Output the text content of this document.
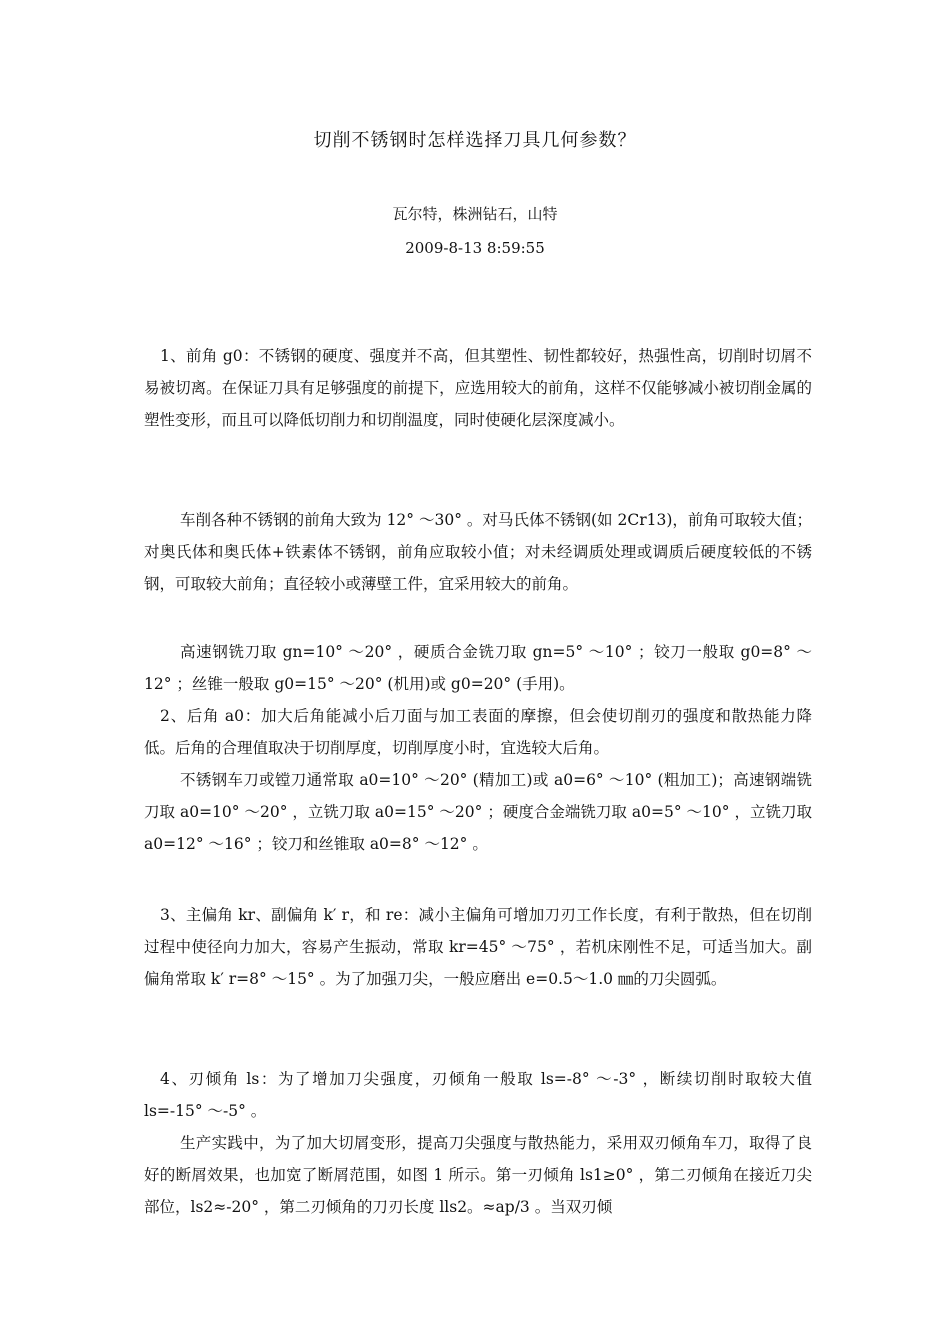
切削不锈钢时怎样选择刀具几何参数？
瓦尔特，株洲钻石，山特
2009-8-13 8:59:55

1、前角 g0：不锈钢的硬度、强度并不高，但其塑性、韧性都较好，热强性高，切削时切屑不易被切离。在保证刀具有足够强度的前提下，应选用较大的前角，这样不仅能够减小被切削金属的塑性变形，而且可以降低切削力和切削温度，同时使硬化层深度减小。

车削各种不锈钢的前角大致为 12° ～30° 。对马氏体不锈钢(如 2Cr13)，前角可取较大值；对奥氏体和奥氏体+铁素体不锈钢，前角应取较小值；对未经调质处理或调质后硬度较低的不锈钢，可取较大前角；直径较小或薄壁工件，宜采用较大的前角。

高速钢铣刀取 gn=10° ～20° ，硬质合金铣刀取 gn=5° ～10° ；铰刀一般取 g0=8° ～12° ；丝锥一般取 g0=15° ～20° (机用)或 g0=20° (手用)。

2、后角 a0：加大后角能减小后刀面与加工表面的摩擦，但会使切削刃的强度和散热能力降低。后角的合理值取决于切削厚度，切削厚度小时，宜选较大后角。

不锈钢车刀或镗刀通常取 a0=10° ～20° (精加工)或 a0=6° ～10° (粗加工)；高速钢端铣刀取 a0=10° ～20° ，立铣刀取 a0=15° ～20° ；硬度合金端铣刀取 a0=5° ～10° ，立铣刀取 a0=12° ～16° ；铰刀和丝锥取 a0=8° ～12° 。

3、主偏角 kr、副偏角 k′ r，和 re：减小主偏角可增加刀刃工作长度，有利于散热，但在切削过程中使径向力加大，容易产生振动，常取 kr=45° ～75° ，若机床刚性不足，可适当加大。副偏角常取 k′ r=8° ～15° 。为了加强刀尖，一般应磨出 e=0.5～1.0 ㎜的刀尖圆弧。

4、刃倾角 ls：为了增加刀尖强度，刃倾角一般取 ls=-8° ～-3° ，断续切削时取较大值 ls=-15° ～-5° 。

生产实践中，为了加大切屑变形，提高刀尖强度与散热能力，采用双刃倾角车刀，取得了良好的断屑效果，也加宽了断屑范围，如图 1 所示。第一刃倾角 ls1≥0° ，第二刃倾角在接近刀尖部位，ls2≈-20° ，第二刃倾角的刀刃长度 lls2。≈ap/3 。当双刃倾
